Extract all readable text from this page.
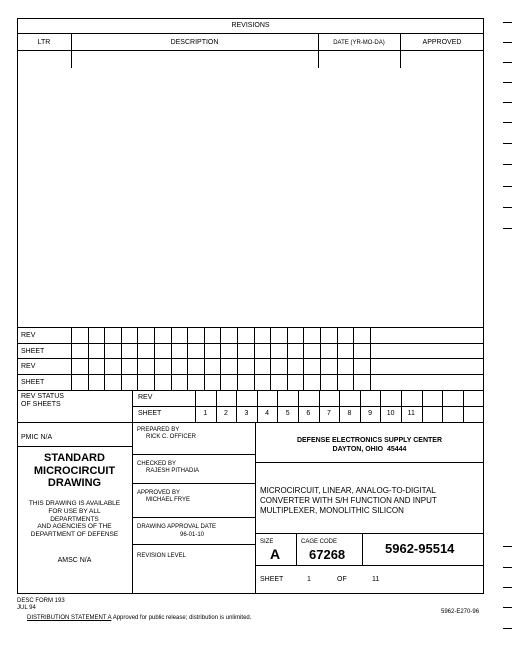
REVISIONS
LTR	DESCRIPTION	DATE (YR-MO-DA)	APPROVED
REV
SHEET
REV
SHEET
REV STATUS
OF SHEETS
REV
SHEET	1	2	3	4	5	6	7	8	9	10	11
PMIC N/A
STANDARD
MICROCIRCUIT
DRAWING
THIS DRAWING IS AVAILABLE
FOR USE BY ALL
DEPARTMENTS
AND AGENCIES OF THE
DEPARTMENT OF DEFENSE
AMSC N/A
PREPARED BY
RICK C. OFFICER
CHECKED BY
RAJESH PITHADIA
APPROVED BY
MICHAEL FRYE
DRAWING APPROVAL DATE
96-01-10
REVISION LEVEL
DEFENSE ELECTRONICS SUPPLY CENTER
DAYTON, OHIO  45444
MICROCIRCUIT, LINEAR, ANALOG-TO-DIGITAL
CONVERTER WITH S/H FUNCTION AND INPUT
MULTIPLEXER, MONOLITHIC SILICON
SIZE
A
CAGE CODE
67268	5962-95514
SHEET	1	OF	11
DESC FORM 193
JUL 94
DISTRIBUTION STATEMENT A Approved for public release; distribution is unlimited.
5962-E270-96
